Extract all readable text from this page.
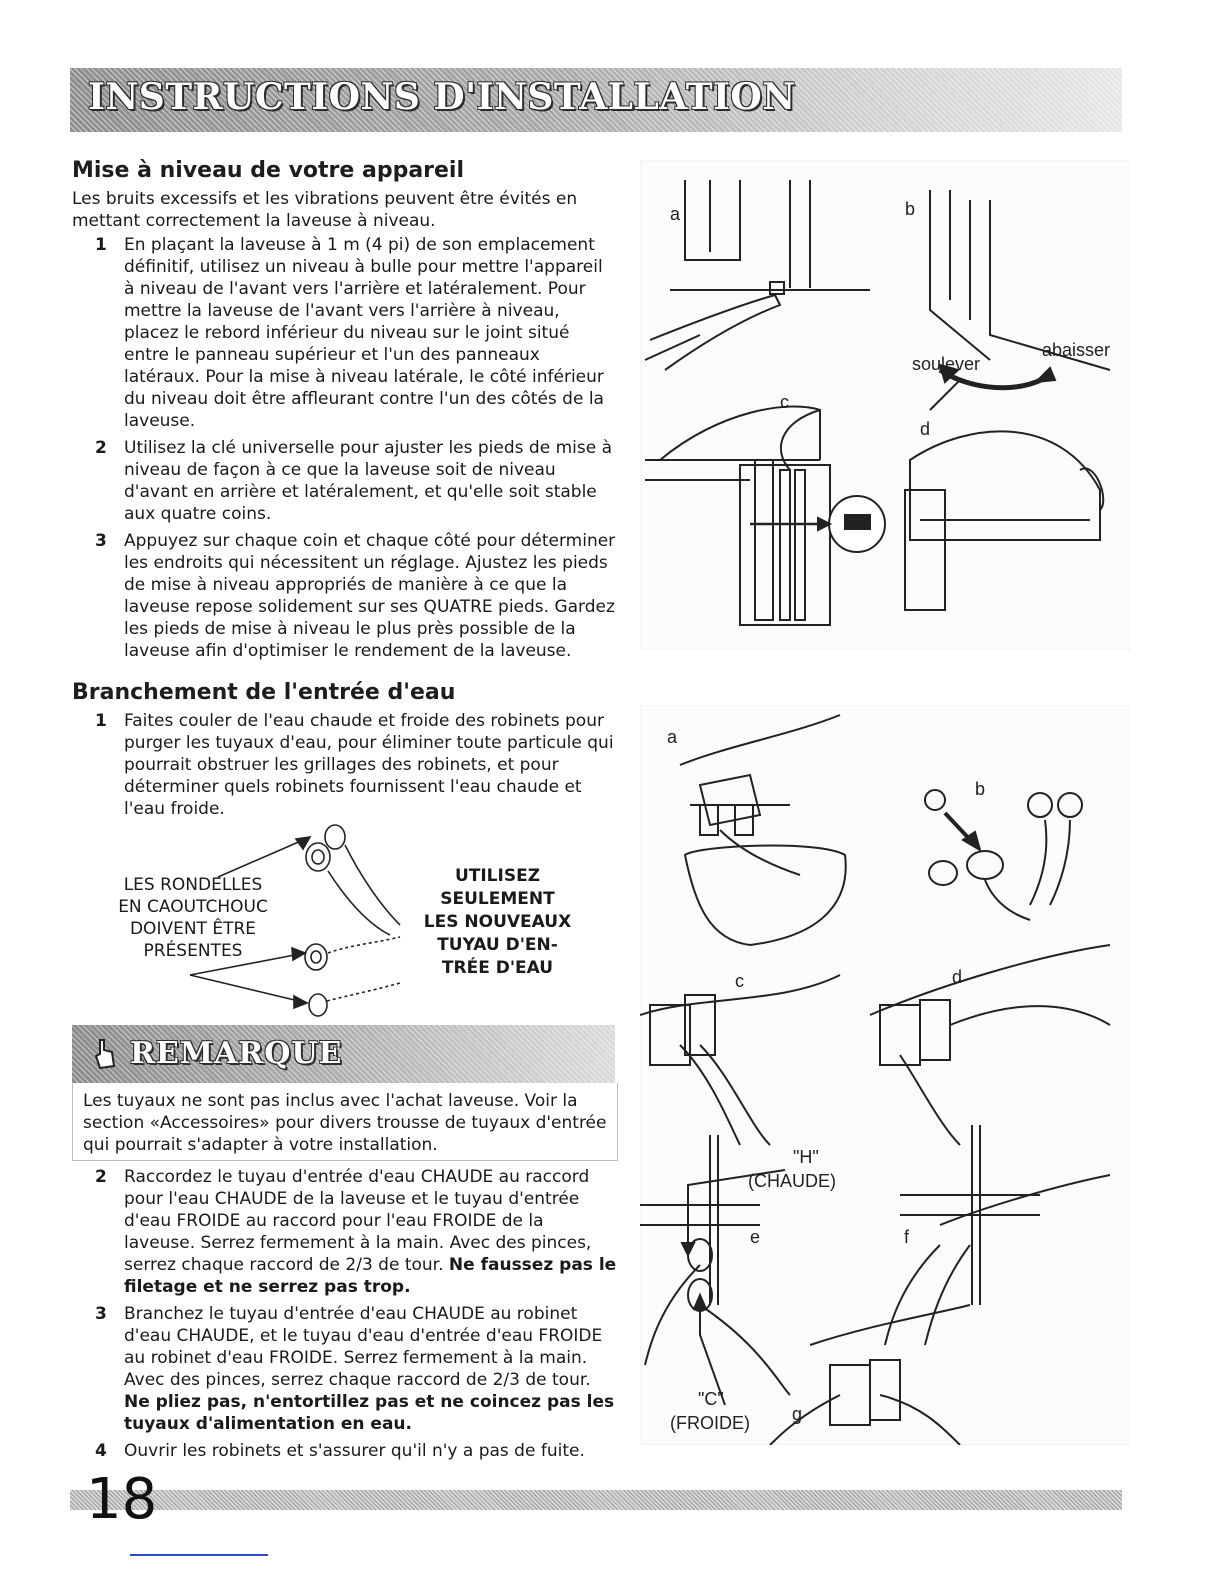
INSTRUCTIONS D'INSTALLATION
Mise à niveau de votre appareil

Les bruits excessifs et les vibrations peuvent être évités en
mettant correctement la laveuse à niveau.

1 En plaçant la laveuse à 1 m (4 pi) de son emplacement définitif, utilisez un niveau à bulle pour mettre l'appareil à niveau de l'avant vers l'arrière et latéralement. Pour mettre la laveuse de l'avant vers l'arrière à niveau, placez le rebord inférieur du niveau sur le joint situé entre le panneau supérieur et l'un des panneaux latéraux. Pour la mise à niveau latérale, le côté inférieur du niveau doit être affleurant contre l'un des côtés de la laveuse.
2 Utilisez la clé universelle pour ajuster les pieds de mise à niveau de façon à ce que la laveuse soit de niveau d'avant en arrière et latéralement, et qu'elle soit stable aux quatre coins.
3 Appuyez sur chaque coin et chaque côté pour déterminer les endroits qui nécessitent un réglage. Ajustez les pieds de mise à niveau appropriés de manière à ce que la laveuse repose solidement sur ses QUATRE pieds. Gardez les pieds de mise à niveau le plus près possible de la laveuse afin d'optimiser le rendement de la laveuse.
Branchement de l'entrée d'eau
1 Faites couler de l'eau chaude et froide des robinets pour purger les tuyaux d'eau, pour éliminer toute particule qui pourrait obstruer les grillages des robinets, et pour déterminer quels robinets fournissent l'eau chaude et l'eau froide.
LES RONDELLES
EN CAOUTCHOUC
DOIVENT ÊTRE
PRÉSENTES
UTILISEZ
SEULEMENT
LES NOUVEAUX
TUYAU D'EN-
TRÉE D'EAU
REMARQUE
Les tuyaux ne sont pas inclus avec l'achat laveuse. Voir la section «Accessoires» pour divers trousse de tuyaux d'entrée qui pourrait s'adapter à votre installation.
2 Raccordez le tuyau d'entrée d'eau CHAUDE au raccord pour l'eau CHAUDE de la laveuse et le tuyau d'entrée d'eau FROIDE au raccord pour l'eau FROIDE de la laveuse. Serrez fermement à la main. Avec des pinces, serrez chaque raccord de 2/3 de tour. Ne faussez pas le filetage et ne serrez pas trop.
3 Branchez le tuyau d'entrée d'eau CHAUDE au robinet d'eau CHAUDE, et le tuyau d'eau d'entrée d'eau FROIDE au robinet d'eau FROIDE. Serrez fermement à la main. Avec des pinces, serrez chaque raccord de 2/3 de tour. Ne pliez pas, n'entortillez pas et ne coincez pas les tuyaux d'alimentation en eau.
4 Ouvrir les robinets et s'assurer qu'il n'y a pas de fuite.
a	b
c
d
soulever
abaisser
a
b
c	d
e	f
g
"H"
(CHAUDE)
"C"
(FROIDE)
18
